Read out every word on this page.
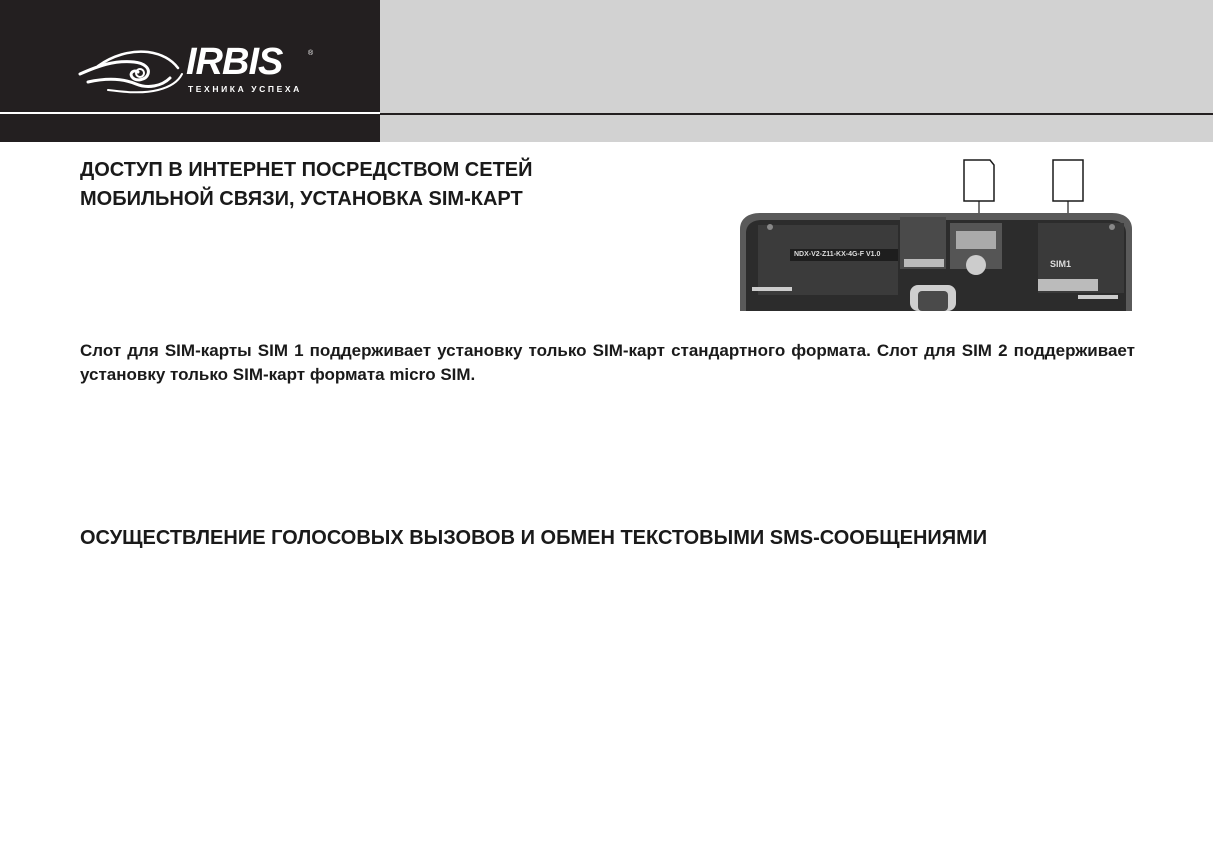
IRBIS	®
ТЕХНИКА УСПЕХА
ДОСТУП В ИНТЕРНЕТ ПОСРЕДСТВОМ СЕТЕЙ
МОБИЛЬНОЙ СВЯЗИ, УСТАНОВКА SIM-КАРТ
NDX-V2-Z11-KX-4G-F V1.0
SIM1

Слот для SIM-карты SIM 1 поддерживает установку только SIM-карт стандартного формата. Слот для SIM 2 поддерживает установку только SIM-карт формата micro SIM.

ОСУЩЕСТВЛЕНИЕ ГОЛОСОВЫХ ВЫЗОВОВ И ОБМЕН ТЕКСТОВЫМИ SMS-СООБЩЕНИЯМИ
